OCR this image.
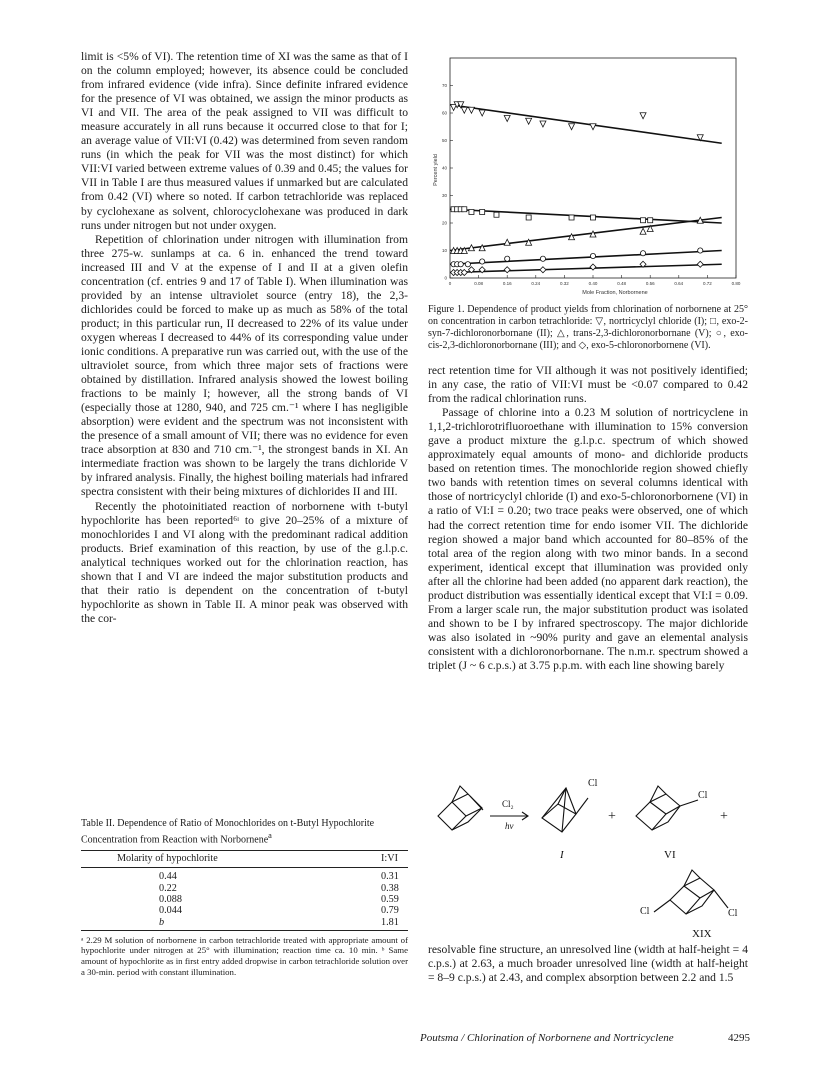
limit is <5% of VI). The retention time of XI was the same as that of I on the column employed; however, its absence could be concluded from infrared evidence (vide infra). Since definite infrared evidence for the presence of VI was obtained, we assign the minor products as VI and VII. The area of the peak assigned to VII was difficult to measure accurately in all runs because it occurred close to that for I; an average value of VII:VI (0.42) was determined from seven random runs (in which the peak for VII was the most distinct) for which VII:VI varied between extreme values of 0.39 and 0.45; the values for VII in Table I are thus measured values if unmarked but are calculated from 0.42 (VI) where so noted. If carbon tetrachloride was replaced by cyclohexane as solvent, chlorocyclohexane was produced in dark runs under nitrogen but not under oxygen.

Repetition of chlorination under nitrogen with illumination from three 275-w. sunlamps at ca. 6 in. enhanced the trend toward increased III and V at the expense of I and II at a given olefin concentration (cf. entries 9 and 17 of Table I). When illumination was provided by an intense ultraviolet source (entry 18), the 2,3-dichlorides could be forced to make up as much as 58% of the total product; in this particular run, II decreased to 22% of its value under oxygen whereas I decreased to 44% of its corresponding value under ionic conditions. A preparative run was carried out, with the use of the ultraviolet source, from which three major sets of fractions were obtained by distillation. Infrared analysis showed the lowest boiling fractions to be mainly I; however, all the strong bands of VI (especially those at 1280, 940, and 725 cm.⁻¹ where I has negligible absorption) were evident and the spectrum was not inconsistent with the presence of a small amount of VII; there was no evidence for even trace absorption at 830 and 710 cm.⁻¹, the strongest bands in XI. An intermediate fraction was shown to be largely the trans dichloride V by infrared analysis. Finally, the highest boiling materials had infrared spectra consistent with their being mixtures of dichlorides II and III.

Recently the photoinitiated reaction of norbornene with t-butyl hypochlorite has been reported⁶ᶦ to give 20–25% of a mixture of monochlorides I and VI along with the predominant radical addition products. Brief examination of this reaction, by use of the g.l.p.c. analytical techniques worked out for the chlorination reaction, has shown that I and VI are indeed the major substitution products and that their ratio is dependent on the concentration of t-butyl hypochlorite as shown in Table II. A minor peak was observed with the cor-

0	0.08	0.16	0.24	0.32	0.40	0.48	0.56	0.64	0.72	0.80
0
10
20
30
40
50
60
70
Percent yield
Mole Fraction, Norbornene
Figure 1. Dependence of product yields from chlorination of norbornene at 25° on concentration in carbon tetrachloride: ▽, nortricyclyl chloride (I); □, exo-2-syn-7-dichloronorbornane (II); △, trans-2,3-dichloronorbornane (V); ○, exo-cis-2,3-dichloronorbornane (III); and ◇, exo-5-chloronorbornene (VI).

rect retention time for VII although it was not positively identified; in any case, the ratio of VII:VI must be <0.07 compared to 0.42 from the radical chlorination runs.

Passage of chlorine into a 0.23 M solution of nortricyclene in 1,1,2-trichlorotrifluoroethane with illumination to 15% conversion gave a product mixture the g.l.p.c. spectrum of which showed approximately equal amounts of mono- and dichloride products based on retention times. The monochloride region showed chiefly two bands with retention times on several columns identical with those of nortricyclyl chloride (I) and exo-5-chloronorbornene (VI) in a ratio of VI:I = 0.20; two trace peaks were observed, one of which had the correct retention time for endo isomer VII. The dichloride region showed a major band which accounted for 80–85% of the total area of the region along with two minor bands. In a second experiment, identical except that illumination was provided only after all the chlorine had been added (no apparent dark reaction), the product distribution was essentially identical except that VI:I = 0.09. From a larger scale run, the major substitution product was isolated and shown to be I by infrared spectroscopy. The major dichloride was also isolated in ~90% purity and gave an elemental analysis consistent with a dichloronorbornane. The n.m.r. spectrum showed a triplet (J ~ 6 c.p.s.) at 3.75 p.p.m. with each line showing barely

Cl₂
hν
Cl
Cl
Cl	Cl
+	+
I	VI
XIX

resolvable fine structure, an unresolved line (width at half-height = 4 c.p.s.) at 2.63, a much broader unresolved line (width at half-height = 8–9 c.p.s.) at 2.43, and complex absorption between 2.2 and 1.5

Table II. Dependence of Ratio of Monochlorides on t-Butyl Hypochlorite Concentration from Reaction with Norbornene$^a$

Molarity of hypochlorite	I:VI
0.44	0.31
0.22	0.38
0.088	0.59
0.044	0.79
b	1.81
ᵃ 2.29 M solution of norbornene in carbon tetrachloride treated with appropriate amount of hypochlorite under nitrogen at 25° with illumination; reaction time ca. 10 min. ᵇ Same amount of hypochlorite as in first entry added dropwise in carbon tetrachloride solution over a 30-min. period with constant illumination.
Poutsma / Chlorination of Norbornene and Nortricyclene	4295
